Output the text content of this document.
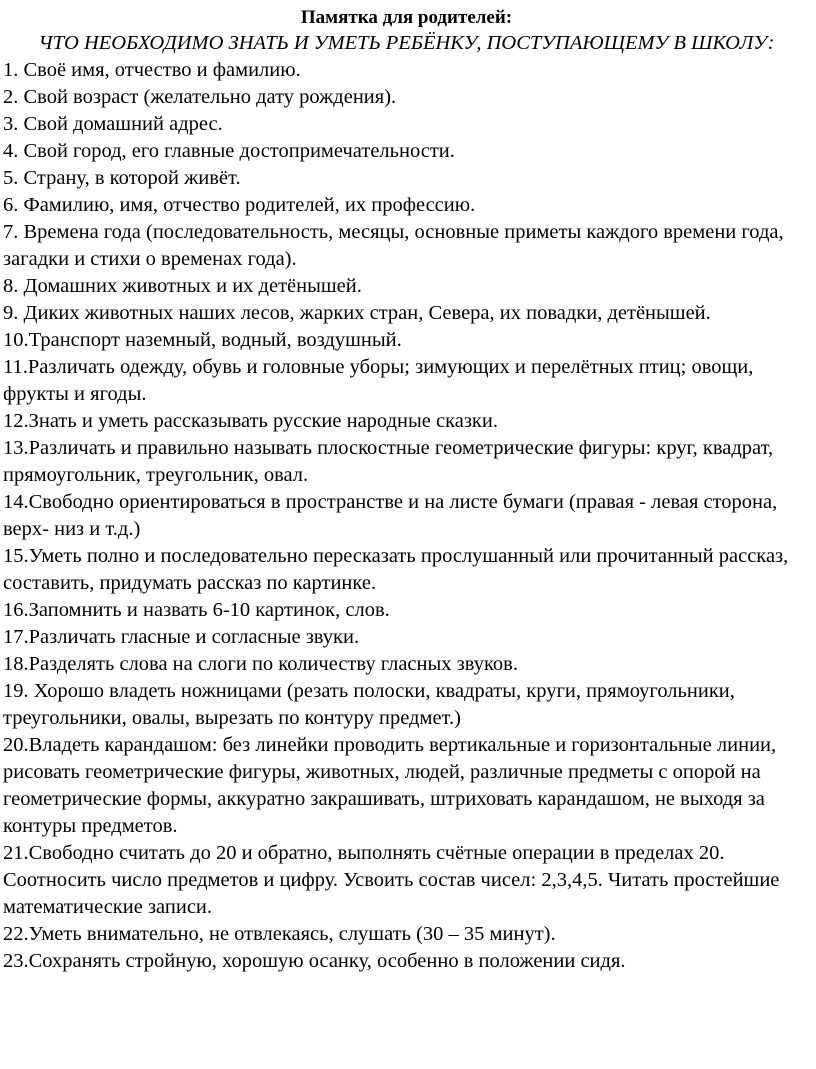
Памятка для родителей:
ЧТО НЕОБХОДИМО ЗНАТЬ И УМЕТЬ РЕБЁНКУ, ПОСТУПАЮЩЕМУ В ШКОЛУ:
1. Своё имя, отчество и фамилию.
2. Свой возраст (желательно дату рождения).
3. Свой домашний адрес.
4. Свой город, его главные достопримечательности.
5. Страну, в которой живёт.
6. Фамилию, имя, отчество родителей, их профессию.
7. Времена года (последовательность, месяцы, основные приметы каждого времени года, загадки и стихи о временах года).
8. Домашних животных и их детёнышей.
9. Диких животных наших лесов, жарких стран, Севера, их повадки, детёнышей.
10.Транспорт наземный, водный, воздушный.
11.Различать одежду, обувь и головные уборы; зимующих и перелётных птиц; овощи, фрукты и ягоды.
12.Знать и уметь рассказывать русские народные сказки.
13.Различать и правильно называть плоскостные геометрические фигуры: круг, квадрат, прямоугольник, треугольник, овал.
14.Свободно ориентироваться в пространстве и на листе бумаги (правая - левая сторона, верх- низ и т.д.)
15.Уметь полно и последовательно пересказать прослушанный или прочитанный рассказ, составить, придумать рассказ по картинке.
16.Запомнить и назвать 6-10 картинок, слов.
17.Различать гласные и согласные звуки.
18.Разделять слова на слоги по количеству гласных звуков.
19. Хорошо владеть ножницами (резать полоски, квадраты, круги, прямоугольники, треугольники, овалы, вырезать по контуру предмет.)
20.Владеть карандашом: без линейки проводить вертикальные и горизонтальные линии, рисовать геометрические фигуры, животных, людей, различные предметы с опорой на геометрические формы, аккуратно закрашивать, штриховать карандашом, не выходя за контуры предметов.
21.Свободно считать до 20 и обратно, выполнять счётные операции в пределах 20. Соотносить число предметов и цифру. Усвоить состав чисел: 2,3,4,5. Читать простейшие математические записи.
22.Уметь внимательно, не отвлекаясь, слушать (30 – 35 минут).
23.Сохранять стройную, хорошую осанку, особенно в положении сидя.
